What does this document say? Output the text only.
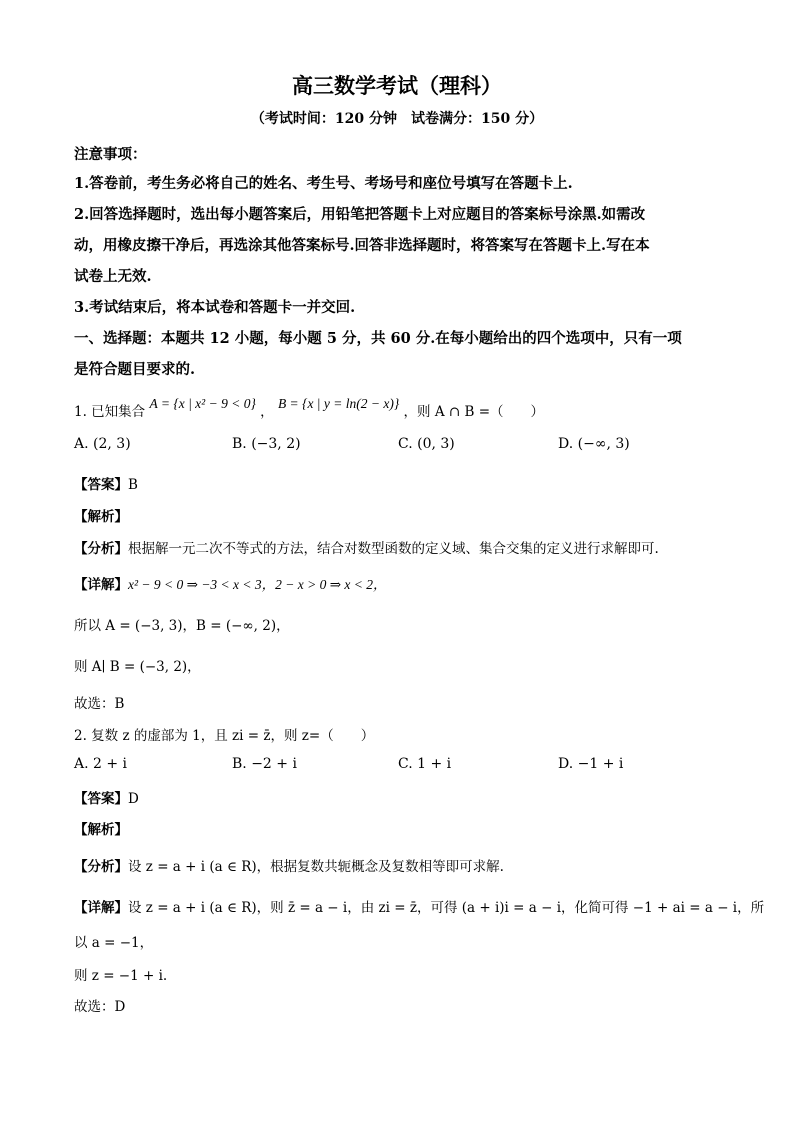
高三数学考试（理科）
（考试时间：120 分钟　试卷满分：150 分）
注意事项：
1.答卷前，考生务必将自己的姓名、考生号、考场号和座位号填写在答题卡上.
2.回答选择题时，选出每小题答案后，用铅笔把答题卡上对应题目的答案标号涂黑.如需改
动，用橡皮擦干净后，再选涂其他答案标号.回答非选择题时，将答案写在答题卡上.写在本
试卷上无效.
3.考试结束后，将本试卷和答题卡一并交回.
一、选择题：本题共 12 小题，每小题 5 分，共 60 分.在每小题给出的四个选项中，只有一项
是符合题目要求的.
1. 已知集合 A = {x | x² − 9 < 0} ， B = {x | y = ln(2 − x)} ，则 A ∩ B =（　　）
A. (2, 3)	B. (−3, 2)	C. (0, 3)	D. (−∞, 3)
【答案】B
【解析】
【分析】根据解一元二次不等式的方法，结合对数型函数的定义域、集合交集的定义进行求解即可.
【详解】x² − 9 < 0 ⇒ −3 < x < 3，2 − x > 0 ⇒ x < 2，
所以 A = (−3, 3)，B = (−∞, 2)，
则 A∣ B = (−3, 2)，
故选：B
2. 复数 z 的虚部为 1，且 zi = z̄，则 z=（　　）
A. 2 + i	B. −2 + i	C. 1 + i	D. −1 + i
【答案】D
【解析】
【分析】设 z = a + i (a ∈ R)，根据复数共轭概念及复数相等即可求解.
【详解】设 z = a + i (a ∈ R)，则 z̄ = a − i，由 zi = z̄，可得 (a + i)i = a − i，化简可得 −1 + ai = a − i，所
以 a = −1，
则 z = −1 + i.
故选：D
